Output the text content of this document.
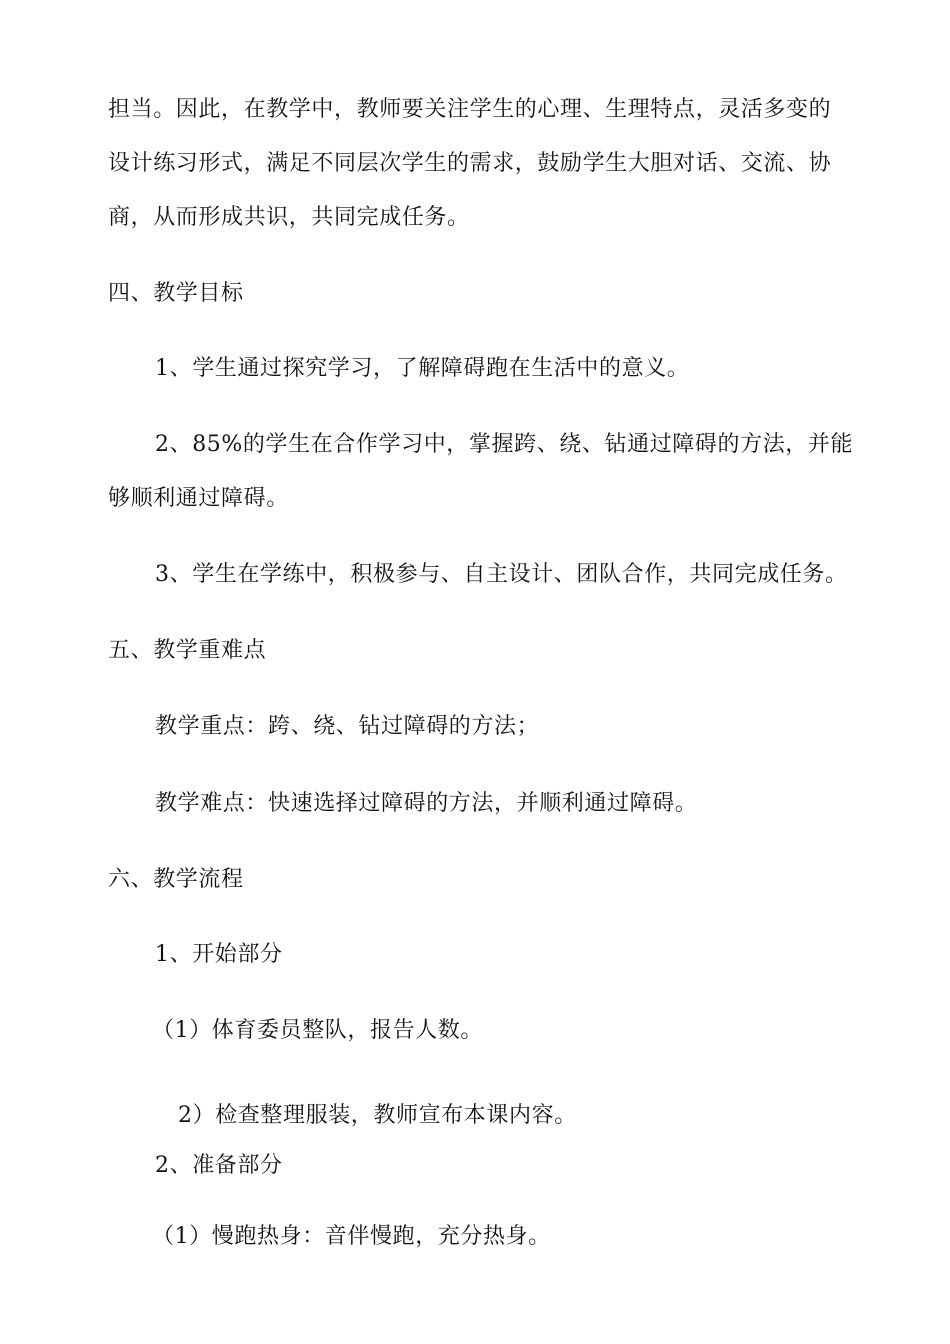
担当。因此，在教学中，教师要关注学生的心理、生理特点，灵活多变的
设计练习形式，满足不同层次学生的需求，鼓励学生大胆对话、交流、协
商，从而形成共识，共同完成任务。
四、教学目标
1、学生通过探究学习，了解障碍跑在生活中的意义。
2、85%的学生在合作学习中，掌握跨、绕、钻通过障碍的方法，并能
够顺利通过障碍。
3、学生在学练中，积极参与、自主设计、团队合作，共同完成任务。
五、教学重难点
教学重点：跨、绕、钻过障碍的方法；
教学难点：快速选择过障碍的方法，并顺利通过障碍。
六、教学流程
1、开始部分
（1）体育委员整队，报告人数。
2）检查整理服装，教师宣布本课内容。
2、准备部分
（1）慢跑热身：音伴慢跑，充分热身。
